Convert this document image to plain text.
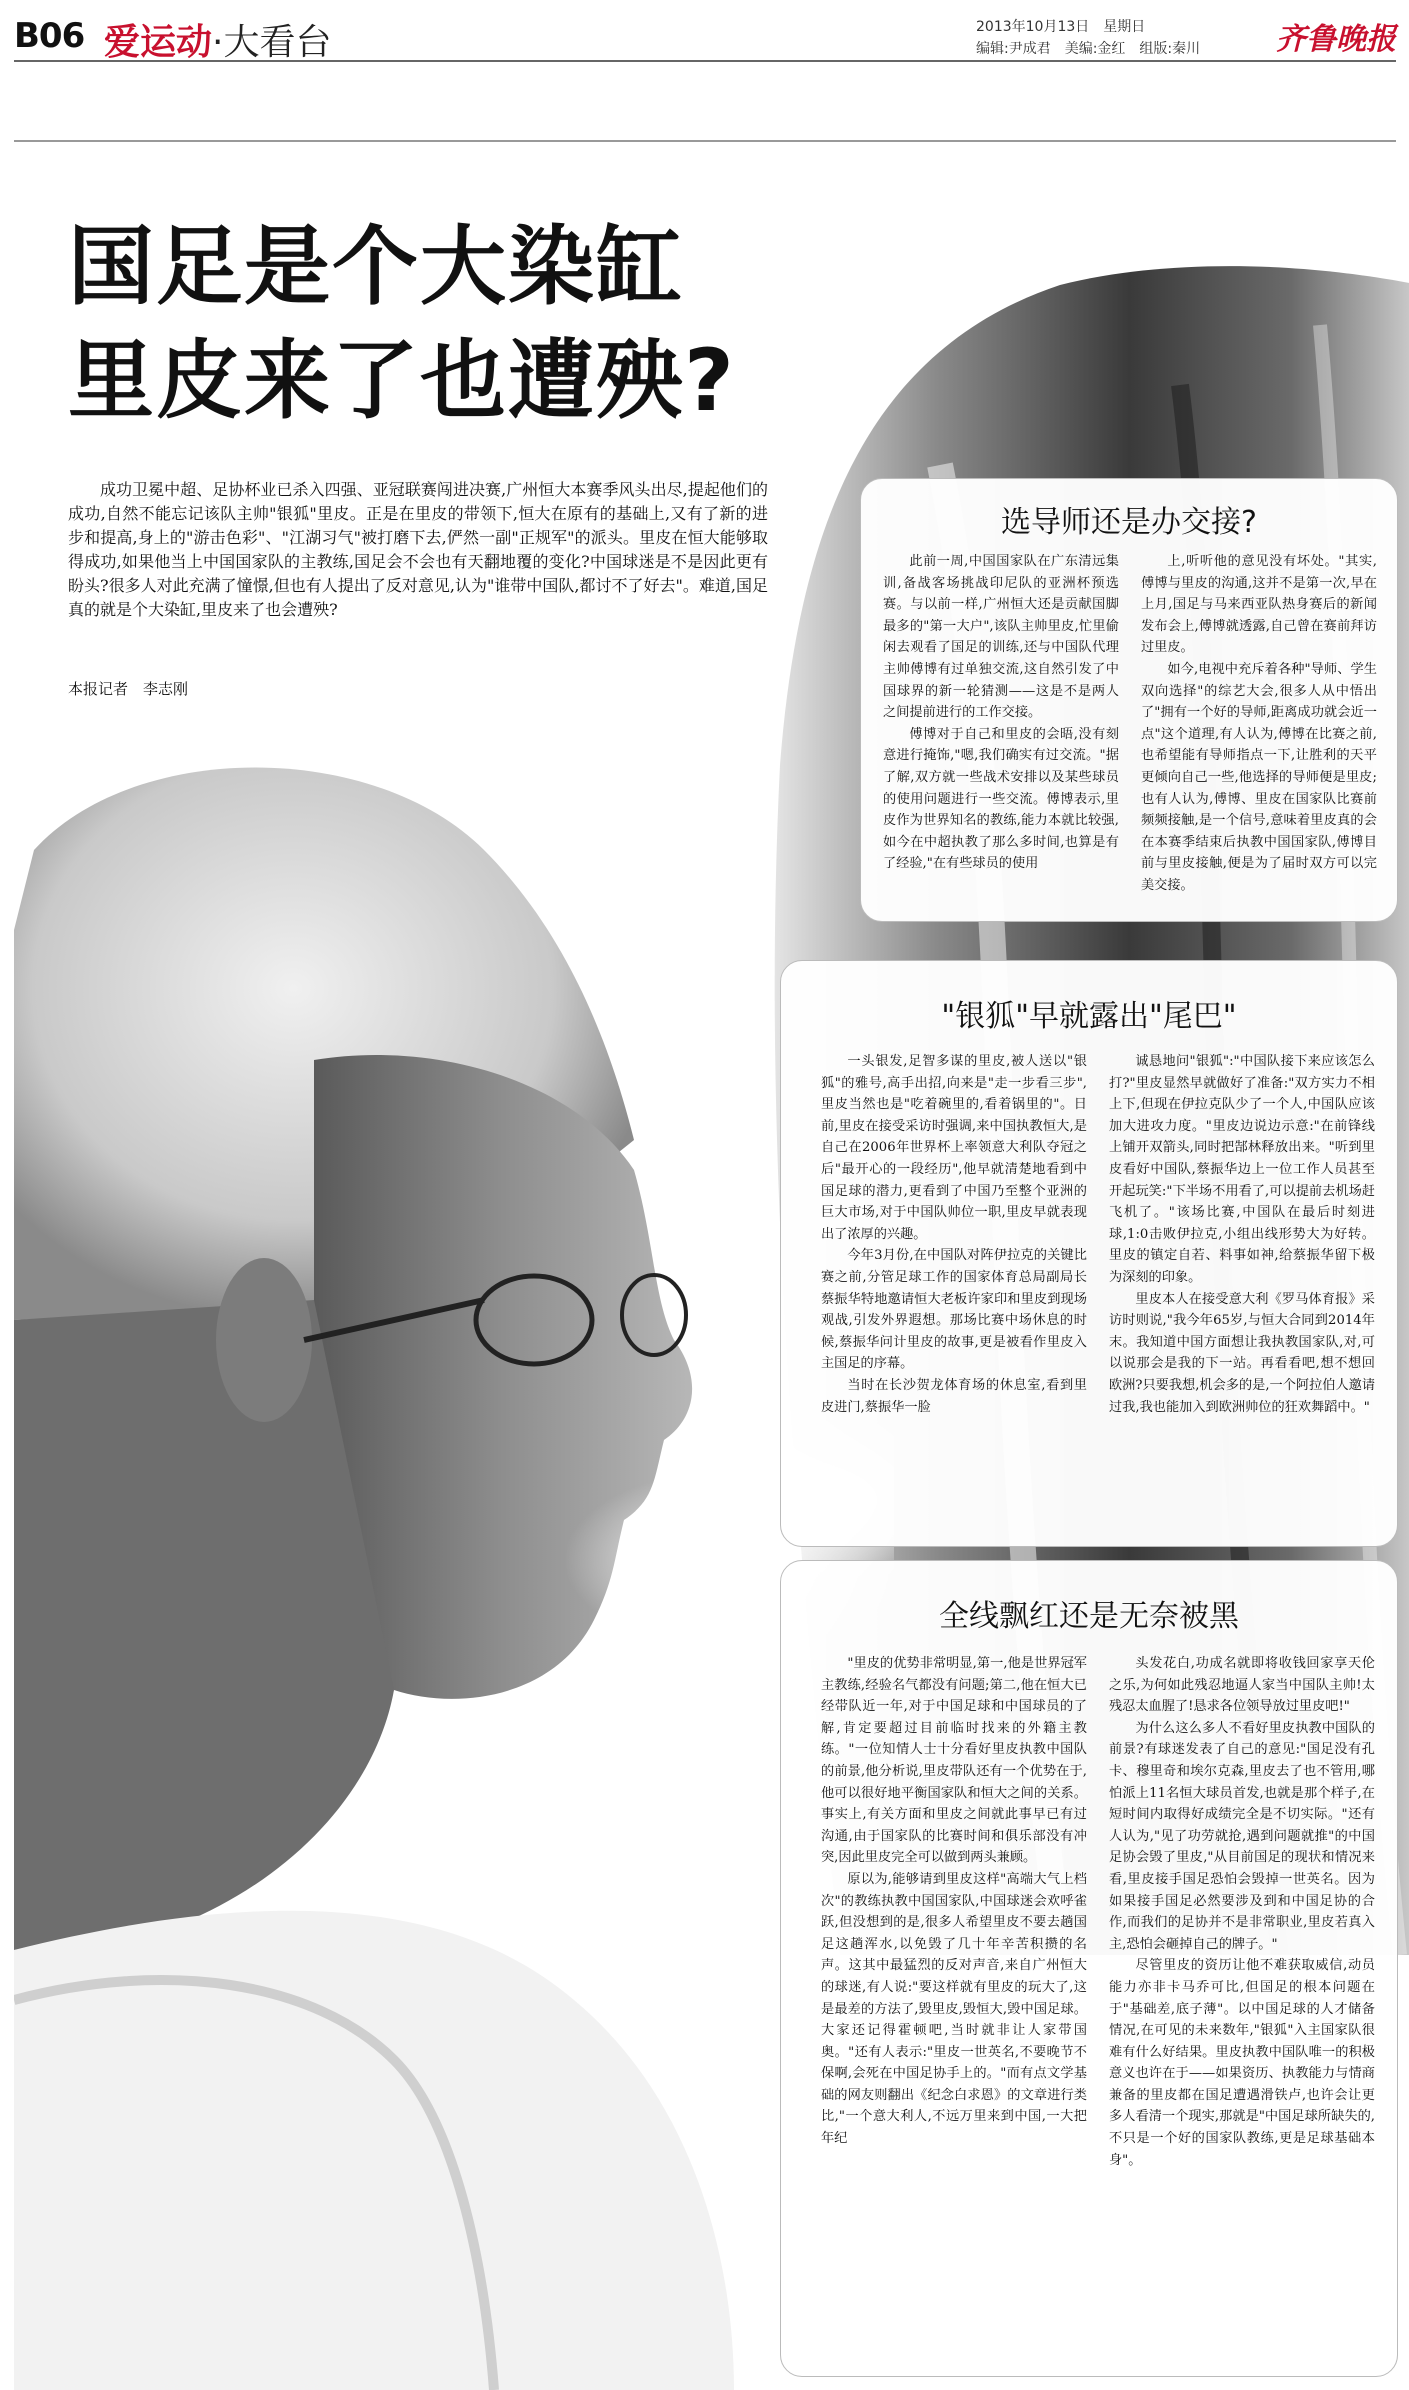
B06 爱运动·大看台	2013年10月13日　星期日
编辑:尹成君　美编:金红　组版:秦川	齐鲁晚报
国足是个大染缸
里皮来了也遭殃?
成功卫冕中超、足协杯业已杀入四强、亚冠联赛闯进决赛,广州恒大本赛季风头出尽,提起他们的成功,自然不能忘记该队主帅"银狐"里皮。正是在里皮的带领下,恒大在原有的基础上,又有了新的进步和提高,身上的"游击色彩"、"江湖习气"被打磨下去,俨然一副"正规军"的派头。里皮在恒大能够取得成功,如果他当上中国国家队的主教练,国足会不会也有天翻地覆的变化?中国球迷是不是因此更有盼头?很多人对此充满了憧憬,但也有人提出了反对意见,认为"谁带中国队,都讨不了好去"。难道,国足真的就是个大染缸,里皮来了也会遭殃?
本报记者　李志刚
选导师还是办交接?

此前一周,中国国家队在广东清远集训,备战客场挑战印尼队的亚洲杯预选赛。与以前一样,广州恒大还是贡献国脚最多的"第一大户",该队主帅里皮,忙里偷闲去观看了国足的训练,还与中国队代理主帅傅博有过单独交流,这自然引发了中国球界的新一轮猜测——这是不是两人之间提前进行的工作交接。

傅博对于自己和里皮的会晤,没有刻意进行掩饰,"嗯,我们确实有过交流。"据了解,双方就一些战术安排以及某些球员的使用问题进行一些交流。傅博表示,里皮作为世界知名的教练,能力本就比较强,如今在中超执教了那么多时间,也算是有了经验,"在有些球员的使用

上,听听他的意见没有坏处。"其实,傅博与里皮的沟通,这并不是第一次,早在上月,国足与马来西亚队热身赛后的新闻发布会上,傅博就透露,自己曾在赛前拜访过里皮。

如今,电视中充斥着各种"导师、学生双向选择"的综艺大会,很多人从中悟出了"拥有一个好的导师,距离成功就会近一点"这个道理,有人认为,傅博在比赛之前,也希望能有导师指点一下,让胜利的天平更倾向自己一些,他选择的导师便是里皮;也有人认为,傅博、里皮在国家队比赛前频频接触,是一个信号,意味着里皮真的会在本赛季结束后执教中国国家队,傅博目前与里皮接触,便是为了届时双方可以完美交接。

"银狐"早就露出"尾巴"

一头银发,足智多谋的里皮,被人送以"银狐"的雅号,高手出招,向来是"走一步看三步",里皮当然也是"吃着碗里的,看着锅里的"。日前,里皮在接受采访时强调,来中国执教恒大,是自己在2006年世界杯上率领意大利队夺冠之后"最开心的一段经历",他早就清楚地看到中国足球的潜力,更看到了中国乃至整个亚洲的巨大市场,对于中国队帅位一职,里皮早就表现出了浓厚的兴趣。

今年3月份,在中国队对阵伊拉克的关键比赛之前,分管足球工作的国家体育总局副局长蔡振华特地邀请恒大老板许家印和里皮到现场观战,引发外界遐想。那场比赛中场休息的时候,蔡振华问计里皮的故事,更是被看作里皮入主国足的序幕。

当时在长沙贺龙体育场的休息室,看到里皮进门,蔡振华一脸

诚恳地问"银狐":"中国队接下来应该怎么打?"里皮显然早就做好了准备:"双方实力不相上下,但现在伊拉克队少了一个人,中国队应该加大进攻力度。"里皮边说边示意:"在前锋线上铺开双箭头,同时把郜林释放出来。"听到里皮看好中国队,蔡振华边上一位工作人员甚至开起玩笑:"下半场不用看了,可以提前去机场赶飞机了。"该场比赛,中国队在最后时刻进球,1:0击败伊拉克,小组出线形势大为好转。里皮的镇定自若、料事如神,给蔡振华留下极为深刻的印象。

里皮本人在接受意大利《罗马体育报》采访时则说,"我今年65岁,与恒大合同到2014年末。我知道中国方面想让我执教国家队,对,可以说那会是我的下一站。再看看吧,想不想回欧洲?只要我想,机会多的是,一个阿拉伯人邀请过我,我也能加入到欧洲帅位的狂欢舞蹈中。"

全线飘红还是无奈被黑

"里皮的优势非常明显,第一,他是世界冠军主教练,经验名气都没有问题;第二,他在恒大已经带队近一年,对于中国足球和中国球员的了解,肯定要超过目前临时找来的外籍主教练。"一位知情人士十分看好里皮执教中国队的前景,他分析说,里皮带队还有一个优势在于,他可以很好地平衡国家队和恒大之间的关系。事实上,有关方面和里皮之间就此事早已有过沟通,由于国家队的比赛时间和俱乐部没有冲突,因此里皮完全可以做到两头兼顾。

原以为,能够请到里皮这样"高端大气上档次"的教练执教中国国家队,中国球迷会欢呼雀跃,但没想到的是,很多人希望里皮不要去趟国足这趟浑水,以免毁了几十年辛苦积攒的名声。这其中最猛烈的反对声音,来自广州恒大的球迷,有人说:"要这样就有里皮的玩大了,这是最差的方法了,毁里皮,毁恒大,毁中国足球。大家还记得霍顿吧,当时就非让人家带国奥。"还有人表示:"里皮一世英名,不要晚节不保啊,会死在中国足协手上的。"而有点文学基础的网友则翻出《纪念白求恩》的文章进行类比,"一个意大利人,不远万里来到中国,一大把年纪

头发花白,功成名就即将收钱回家享天伦之乐,为何如此残忍地逼人家当中国队主帅!太残忍太血腥了!恳求各位领导放过里皮吧!"

为什么这么多人不看好里皮执教中国队的前景?有球迷发表了自己的意见:"国足没有孔卡、穆里奇和埃尔克森,里皮去了也不管用,哪怕派上11名恒大球员首发,也就是那个样子,在短时间内取得好成绩完全是不切实际。"还有人认为,"见了功劳就抢,遇到问题就推"的中国足协会毁了里皮,"从目前国足的现状和情况来看,里皮接手国足恐怕会毁掉一世英名。因为如果接手国足必然要涉及到和中国足协的合作,而我们的足协并不是非常职业,里皮若真入主,恐怕会砸掉自己的牌子。"

尽管里皮的资历让他不难获取威信,动员能力亦非卡马乔可比,但国足的根本问题在于"基础差,底子薄"。以中国足球的人才储备情况,在可见的未来数年,"银狐"入主国家队很难有什么好结果。里皮执教中国队唯一的积极意义也许在于——如果资历、执教能力与情商兼备的里皮都在国足遭遇滑铁卢,也许会让更多人看清一个现实,那就是"中国足球所缺失的,不只是一个好的国家队教练,更是足球基础本身"。
